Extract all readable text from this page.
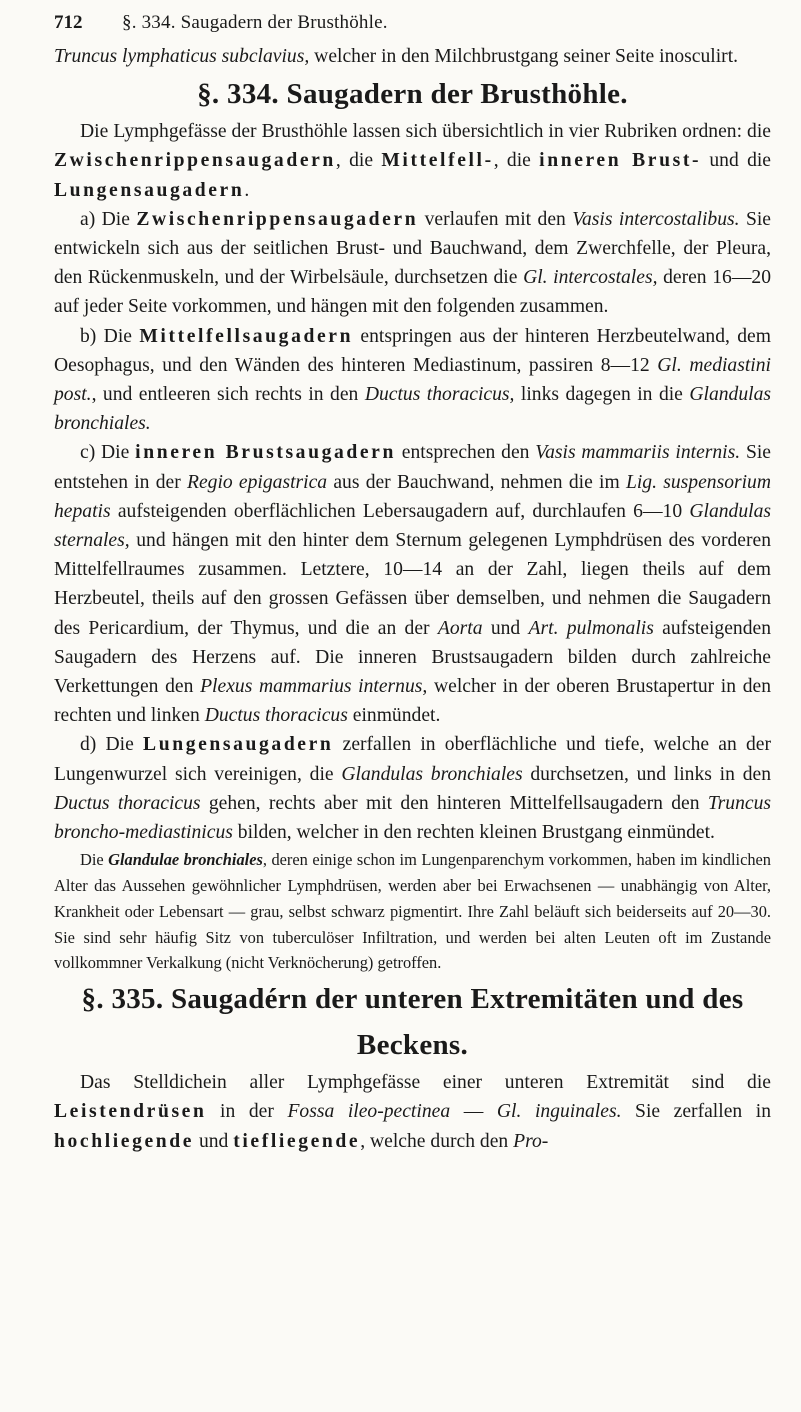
712	§. 334. Saugadern der Brusthöhle.

Truncus lymphaticus subclavius, welcher in den Milchbrustgang seiner Seite inosculirt.

§. 334. Saugadern der Brusthöhle.

Die Lymphgefässe der Brusthöhle lassen sich übersichtlich in vier Rubriken ordnen: die Zwischenrippensaugadern, die Mittelfell-, die inneren Brust- und die Lungensaugadern.

a) Die Zwischenrippensaugadern verlaufen mit den Vasis intercostalibus. Sie entwickeln sich aus der seitlichen Brust- und Bauchwand, dem Zwerchfelle, der Pleura, den Rückenmuskeln, und der Wirbelsäule, durchsetzen die Gl. intercostales, deren 16—20 auf jeder Seite vorkommen, und hängen mit den folgenden zusammen.

b) Die Mittelfellsaugadern entspringen aus der hinteren Herzbeutelwand, dem Oesophagus, und den Wänden des hinteren Mediastinum, passiren 8—12 Gl. mediastini post., und entleeren sich rechts in den Ductus thoracicus, links dagegen in die Glandulas bronchiales.

c) Die inneren Brustsaugadern entsprechen den Vasis mammariis internis. Sie entstehen in der Regio epigastrica aus der Bauchwand, nehmen die im Lig. suspensorium hepatis aufsteigenden oberflächlichen Lebersaugadern auf, durchlaufen 6—10 Glandulas sternales, und hängen mit den hinter dem Sternum gelegenen Lymphdrüsen des vorderen Mittelfellraumes zusammen. Letztere, 10—14 an der Zahl, liegen theils auf dem Herzbeutel, theils auf den grossen Gefässen über demselben, und nehmen die Saugadern des Pericardium, der Thymus, und die an der Aorta und Art. pulmonalis aufsteigenden Saugadern des Herzens auf. Die inneren Brustsaugadern bilden durch zahlreiche Verkettungen den Plexus mammarius internus, welcher in der oberen Brustapertur in den rechten und linken Ductus thoracicus einmündet.

d) Die Lungensaugadern zerfallen in oberflächliche und tiefe, welche an der Lungenwurzel sich vereinigen, die Glandulas bronchiales durchsetzen, und links in den Ductus thoracicus gehen, rechts aber mit den hinteren Mittelfellsaugadern den Truncus broncho-mediastinicus bilden, welcher in den rechten kleinen Brustgang einmündet.

Die Glandulae bronchiales, deren einige schon im Lungenparenchym vorkommen, haben im kindlichen Alter das Aussehen gewöhnlicher Lymphdrüsen, werden aber bei Erwachsenen — unabhängig von Alter, Krankheit oder Lebensart — grau, selbst schwarz pigmentirt. Ihre Zahl beläuft sich beiderseits auf 20—30. Sie sind sehr häufig Sitz von tuberculöser Infiltration, und werden bei alten Leuten oft im Zustande vollkommner Verkalkung (nicht Verknöcherung) getroffen.

§. 335. Saugadérn der unteren Extremitäten und des Beckens.

Das Stelldichein aller Lymphgefässe einer unteren Extremität sind die Leistendrüsen in der Fossa ileo-pectinea — Gl. inguinales. Sie zerfallen in hochliegende und tiefliegende, welche durch den Pro-
